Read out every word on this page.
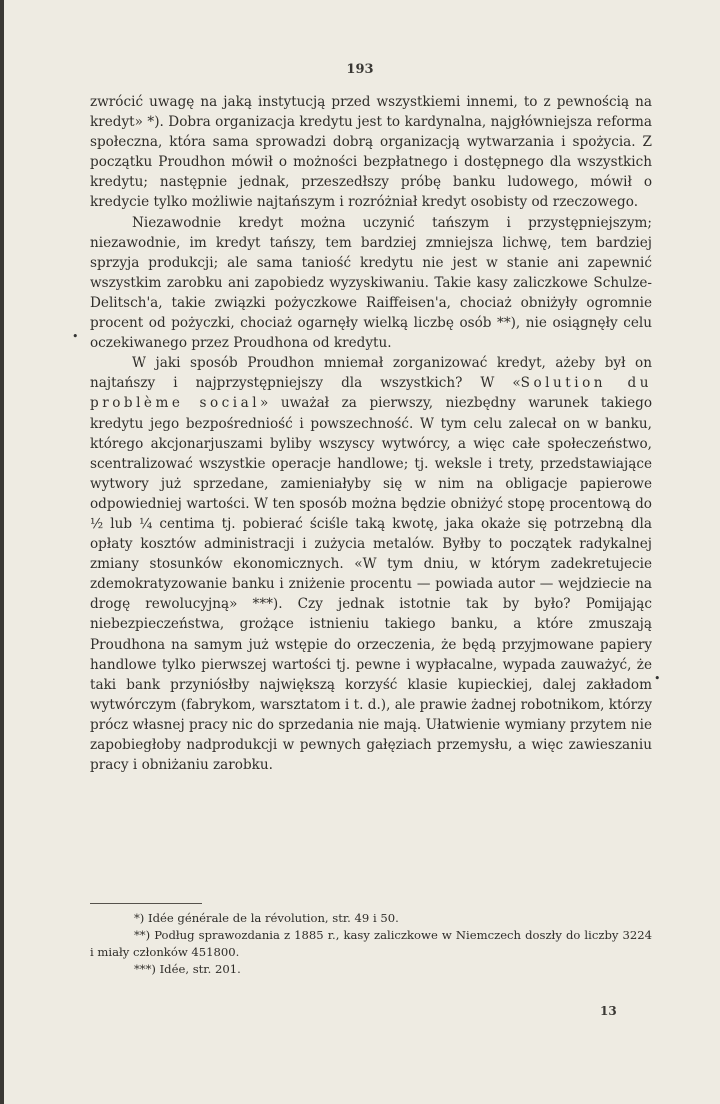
193

zwrócić uwagę na jaką instytucją przed wszystkiemi innemi, to z pewnością na kredyt» *). Dobra organizacja kredytu jest to kardynalna, najgłówniejsza reforma społeczna, która sama sprowadzi dobrą organizacją wytwarzania i spożycia. Z początku Proudhon mówił o możności bezpłatnego i dostępnego dla wszystkich kredytu; następnie jednak, przeszedłszy próbę banku ludowego, mówił o kredycie tylko możliwie najtańszym i rozróżniał kredyt osobisty od rzeczowego.

Niezawodnie kredyt można uczynić tańszym i przystępniejszym; niezawodnie, im kredyt tańszy, tem bardziej zmniejsza lichwę, tem bardziej sprzyja produkcji; ale sama taniość kredytu nie jest w stanie ani zapewnić wszystkim zarobku ani zapobiedz wyzyskiwaniu. Takie kasy zaliczkowe Schulze-Delitsch'a, takie związki pożyczkowe Raiffeisen'a, chociaż obniżyły ogromnie procent od pożyczki, chociaż ogarnęły wielką liczbę osób **), nie osiągnęły celu oczekiwanego przez Proudhona od kredytu.

W jaki sposób Proudhon mniemał zorganizować kredyt, ażeby był on najtańszy i najprzystępniejszy dla wszystkich? W «Solution du problème social» uważał za pierwszy, niezbędny warunek takiego kredytu jego bezpośredniość i powszechność. W tym celu zalecał on w banku, którego akcjonarjuszami byliby wszyscy wytwórcy, a więc całe społeczeństwo, scentralizować wszystkie operacje handlowe; tj. weksle i trety, przedstawiające wytwory już sprzedane, zamieniałyby się w nim na obligacje papierowe odpowiedniej wartości. W ten sposób można będzie obniżyć stopę procentową do ½ lub ¼ centima tj. pobierać ściśle taką kwotę, jaka okaże się potrzebną dla opłaty kosztów administracji i zużycia metalów. Byłby to początek radykalnej zmiany stosunków ekonomicznych. «W tym dniu, w którym zadekretujecie zdemokratyzowanie banku i zniżenie procentu — powiada autor — wejdziecie na drogę rewolucyjną» ***). Czy jednak istotnie tak by było? Pomijając niebezpieczeństwa, grożące istnieniu takiego banku, a które zmuszają Proudhona na samym już wstępie do orzeczenia, że będą przyjmowane papiery handlowe tylko pierwszej wartości tj. pewne i wypłacalne, wypada zauważyć, że taki bank przyniósłby największą korzyść klasie kupieckiej, dalej zakładom wytwórczym (fabrykom, warsztatom i t. d.), ale prawie żadnej robotnikom, którzy prócz własnej pracy nic do sprzedania nie mają. Ułatwienie wymiany przytem nie zapobiegłoby nadprodukcji w pewnych gałęziach przemysłu, a więc zawieszaniu pracy i obniżaniu zarobku.

•
•

*) Idée générale de la révolution, str. 49 i 50.

**) Podług sprawozdania z 1885 r., kasy zaliczkowe w Niemczech doszły do liczby 3224 i miały członków 451800.

***) Idée, str. 201.

13
